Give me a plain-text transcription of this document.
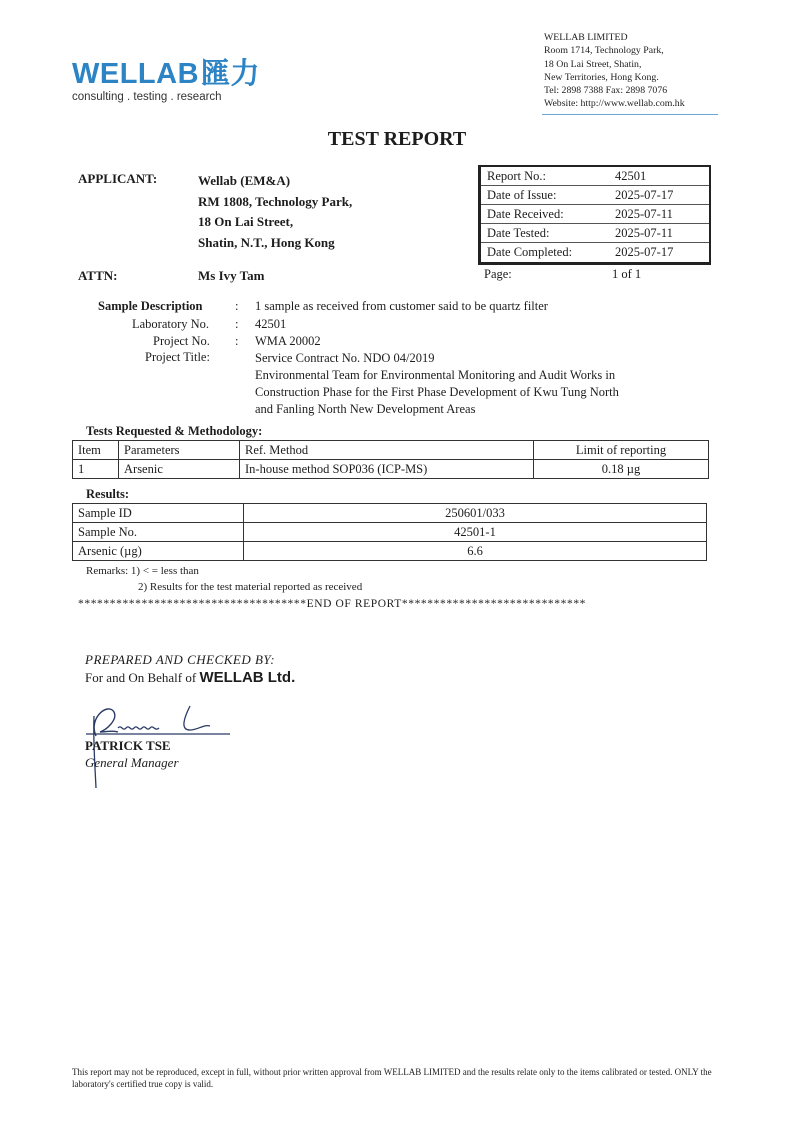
WELLAB匯力
consulting . testing . research
WELLAB LIMITED
Room 1714, Technology Park,
18 On Lai Street, Shatin,
New Territories, Hong Kong.
Tel: 2898 7388 Fax: 2898 7076
Website: http://www.wellab.com.hk
TEST REPORT
APPLICANT:	Wellab (EM&A)
RM 1808, Technology Park,
18 On Lai Street,
Shatin, N.T., Hong Kong
ATTN:	Ms Ivy Tam
Report No.:	42501
Date of Issue:	2025-07-17
Date Received:	2025-07-11
Date Tested:	2025-07-11
Date Completed:	2025-07-17
Page:	1 of 1
Sample Description	: 1 sample as received from customer said to be quartz filter
Laboratory No. : 42501
Project No. : WMA 20002
Project Title:	Service Contract No. NDO 04/2019
Environmental Team for Environmental Monitoring and Audit Works in
Construction Phase for the First Phase Development of Kwu Tung North
and Fanling North New Development Areas
Tests Requested & Methodology:
Item	Parameters	Ref. Method	Limit of reporting
1	Arsenic	In-house method SOP036 (ICP-MS)	0.18 µg
Results:
Sample ID	250601/033
Sample No.	42501-1
Arsenic (µg)	6.6
Remarks: 1) < = less than
2) Results for the test material reported as received
************************************END OF REPORT*****************************
PREPARED AND CHECKED BY:
For and On Behalf of WELLAB Ltd.
PATRICK TSE
General Manager
This report may not be reproduced, except in full, without prior written approval from WELLAB LIMITED and the results relate only to the items calibrated or tested. ONLY the laboratory's certified true copy is valid.
